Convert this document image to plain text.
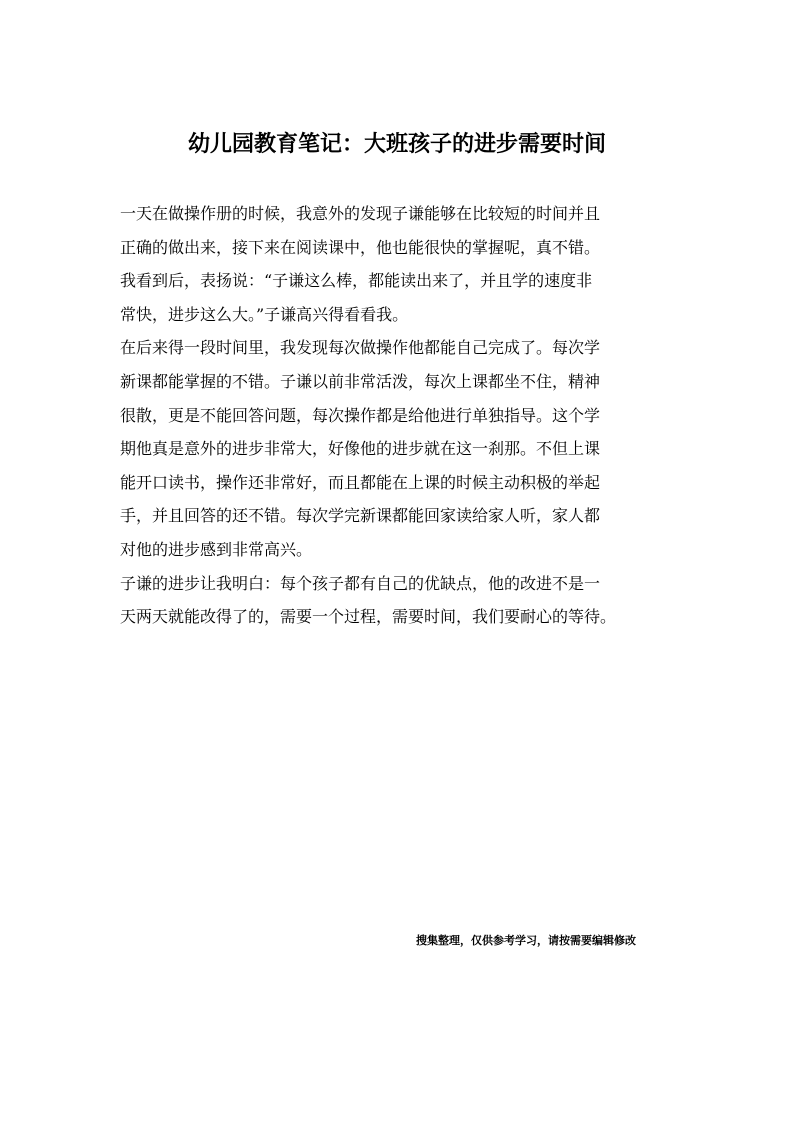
幼儿园教育笔记：大班孩子的进步需要时间
一天在做操作册的时候，我意外的发现子谦能够在比较短的时间并且
正确的做出来，接下来在阅读课中，他也能很快的掌握呢，真不错。
我看到后，表扬说：“子谦这么棒，都能读出来了，并且学的速度非
常快，进步这么大。”子谦高兴得看看我。
在后来得一段时间里，我发现每次做操作他都能自己完成了。每次学
新课都能掌握的不错。子谦以前非常活泼，每次上课都坐不住，精神
很散，更是不能回答问题，每次操作都是给他进行单独指导。这个学
期他真是意外的进步非常大，好像他的进步就在这一刹那。不但上课
能开口读书，操作还非常好，而且都能在上课的时候主动积极的举起
手，并且回答的还不错。每次学完新课都能回家读给家人听，家人都
对他的进步感到非常高兴。
子谦的进步让我明白：每个孩子都有自己的优缺点，他的改进不是一
天两天就能改得了的，需要一个过程，需要时间，我们要耐心的等待。
搜集整理，仅供参考学习，请按需要编辑修改
